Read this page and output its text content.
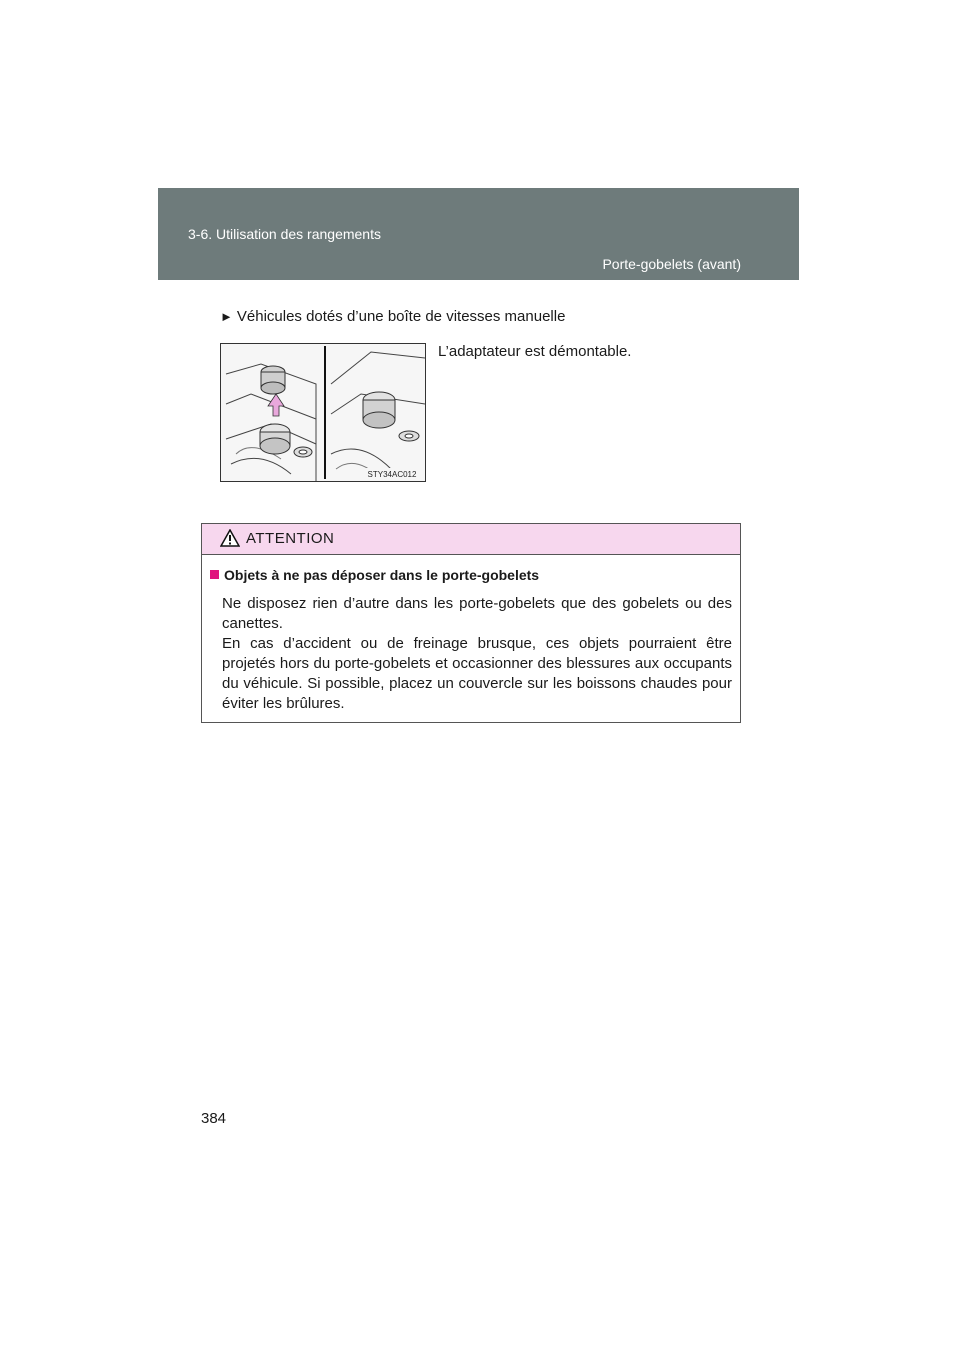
3-6. Utilisation des rangements
Porte-gobelets (avant)
► Véhicules dotés d’une boîte de vitesses manuelle
STY34AC012
L’adaptateur est démontable.
ATTENTION
Objets à ne pas déposer dans le porte-gobelets

Ne disposez rien d’autre dans les porte-gobelets que des gobelets ou des canettes.

En cas d’accident ou de freinage brusque, ces objets pourraient être projetés hors du porte-gobelets et occasionner des blessures aux occupants du véhicule. Si possible, placez un couvercle sur les boissons chaudes pour éviter les brûlures.

384
